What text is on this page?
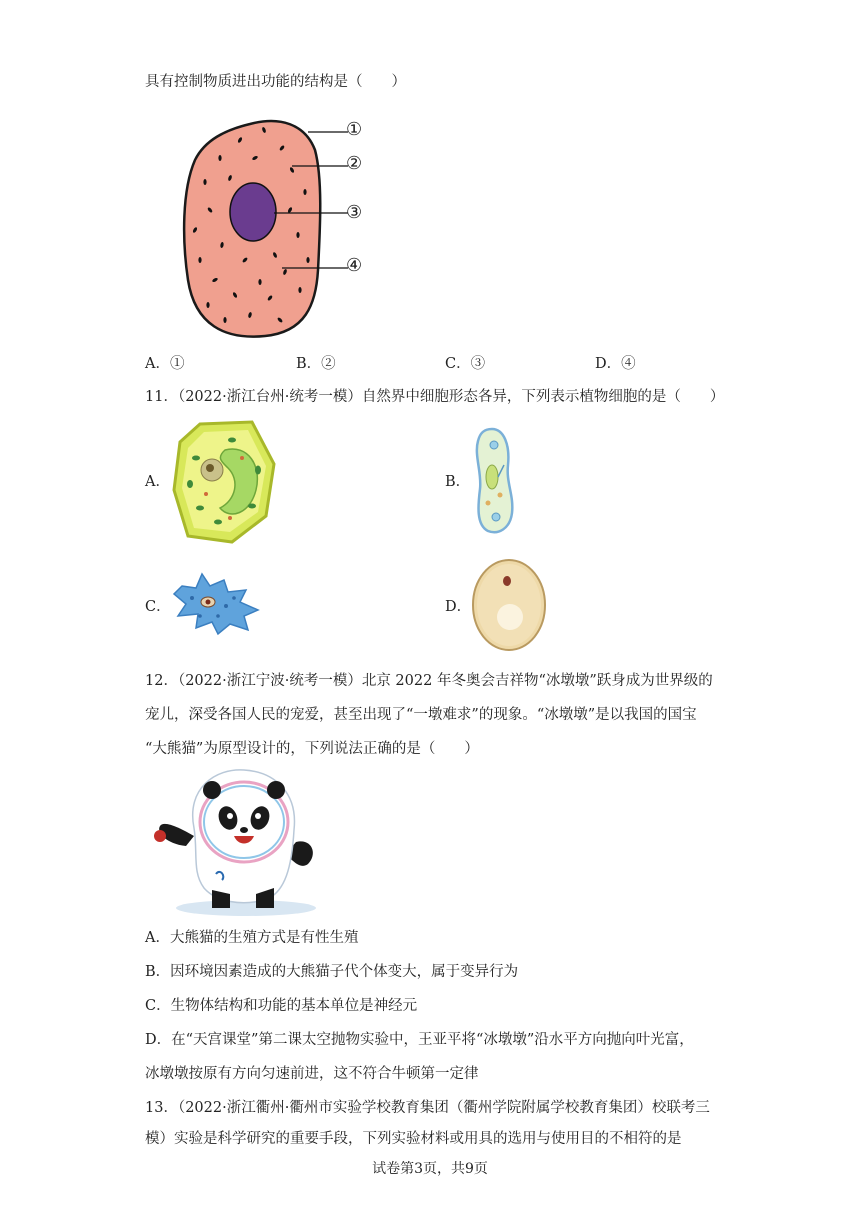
具有控制物质进出功能的结构是（　　）
①
②
③
④
A．①	B．②	C．③	D．④
11．（2022·浙江台州·统考一模）自然界中细胞形态各异，下列表示植物细胞的是（　　）
A．	B．
C．	D．
12．（2022·浙江宁波·统考一模）北京 2022 年冬奥会吉祥物“冰墩墩”跃身成为世界级的
宠儿，深受各国人民的宠爱，甚至出现了“一墩难求”的现象。“冰墩墩”是以我国的国宝
“大熊猫”为原型设计的，下列说法正确的是（　　）
A．大熊猫的生殖方式是有性生殖
B．因环境因素造成的大熊猫子代个体变大，属于变异行为
C．生物体结构和功能的基本单位是神经元
D．在“天宫课堂”第二课太空抛物实验中，王亚平将“冰墩墩”沿水平方向抛向叶光富，
冰墩墩按原有方向匀速前进，这不符合牛顿第一定律
13．（2022·浙江衢州·衢州市实验学校教育集团（衢州学院附属学校教育集团）校联考三
模）实验是科学研究的重要手段，下列实验材料或用具的选用与使用目的不相符的是
试卷第3页，共9页
